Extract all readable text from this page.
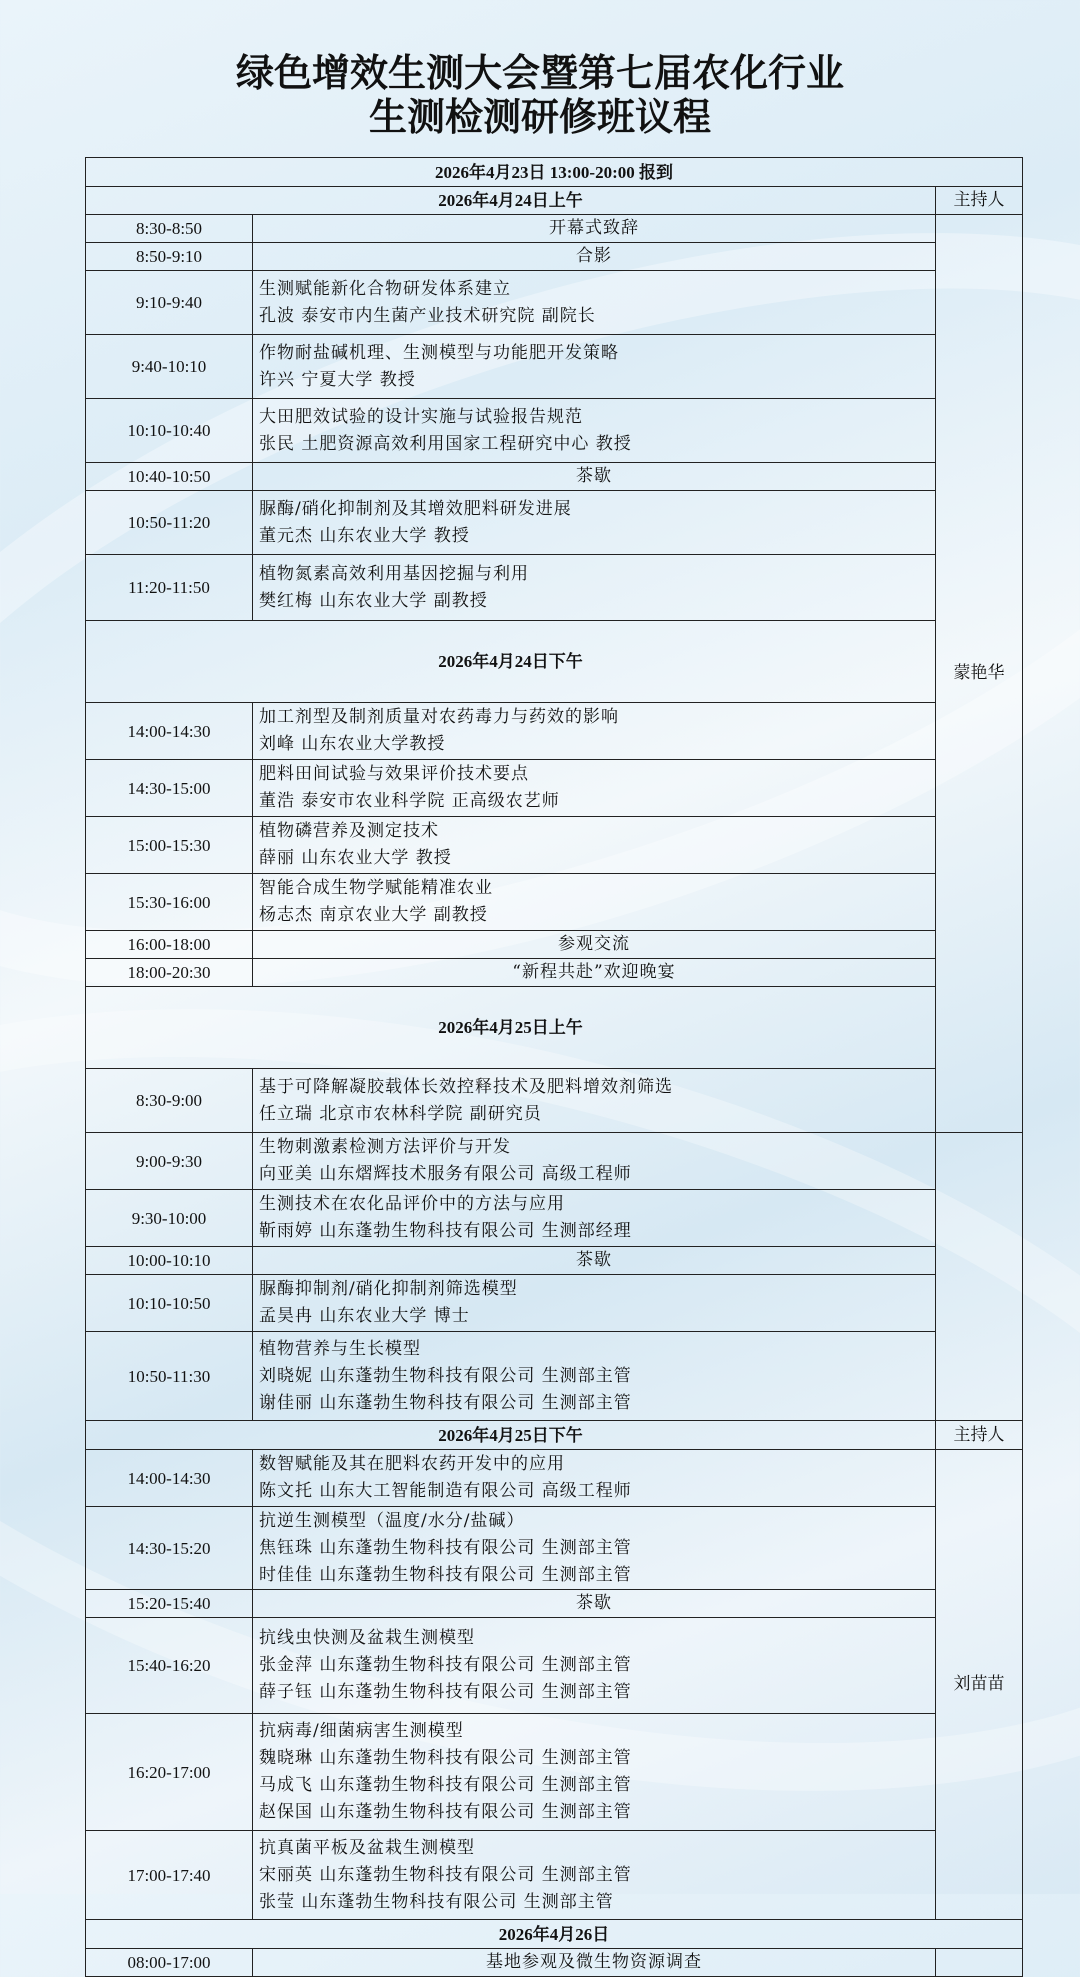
绿色增效生测大会暨第七届农化行业
生测检测研修班议程
2026年4月23日 13:00-20:00 报到			
2026年4月24日上午		主持人	
8:30-8:50	开幕式致辞	蒙艳华	
8:50-9:10	合影		

9:10-9:40	生测赋能新化合物研发体系建立
孔波 泰安市内生菌产业技术研究院 副院长		

9:40-10:10	作物耐盐碱机理、生测模型与功能肥开发策略
许兴 宁夏大学 教授		

10:10-10:40	大田肥效试验的设计实施与试验报告规范
张民 土肥资源高效利用国家工程研究中心 教授		

10:40-10:50	茶歇		

10:50-11:20	脲酶/硝化抑制剂及其增效肥料研发进展
董元杰 山东农业大学 教授		

11:20-11:50	植物氮素高效利用基因挖掘与利用
樊红梅 山东农业大学 副教授		

2026年4月24日下午	
14:00-14:30	加工剂型及制剂质量对农药毒力与药效的影响
刘峰 山东农业大学教授

14:30-15:00	肥料田间试验与效果评价技术要点
董浩 泰安市农业科学院 正高级农艺师		

15:00-15:30	植物磷营养及测定技术
薛丽 山东农业大学 教授		

15:30-16:00	智能合成生物学赋能精准农业
杨志杰 南京农业大学 副教授		

16:00-18:00	参观交流		

18:00-20:30	“新程共赴”欢迎晚宴		

2026年4月25日上午	
8:30-9:00	基于可降解凝胶载体长效控释技术及肥料增效剂筛选
任立瑞 北京市农林科学院 副研究员

9:00-9:30	生物刺激素检测方法评价与开发
向亚美 山东熠辉技术服务有限公司 高级工程师		

9:30-10:00	生测技术在农化品评价中的方法与应用
靳雨婷 山东蓬勃生物科技有限公司 生测部经理		

10:00-10:10	茶歇		

10:10-10:50	脲酶抑制剂/硝化抑制剂筛选模型
孟昊冉 山东农业大学 博士		

10:50-11:30	植物营养与生长模型
刘晓妮 山东蓬勃生物科技有限公司 生测部主管
谢佳丽 山东蓬勃生物科技有限公司 生测部主管		

2026年4月25日下午		主持人	
14:00-14:30	数智赋能及其在肥料农药开发中的应用
陈文托 山东大工智能制造有限公司 高级工程师	刘苗苗	
14:30-15:20	抗逆生测模型（温度/水分/盐碱）
焦钰珠 山东蓬勃生物科技有限公司 生测部主管
时佳佳 山东蓬勃生物科技有限公司 生测部主管		

15:20-15:40	茶歇		

15:40-16:20	抗线虫快测及盆栽生测模型
张金萍 山东蓬勃生物科技有限公司 生测部主管
薛子钰 山东蓬勃生物科技有限公司 生测部主管		

16:20-17:00	抗病毒/细菌病害生测模型
魏晓琳 山东蓬勃生物科技有限公司 生测部主管
马成飞 山东蓬勃生物科技有限公司 生测部主管
赵保国 山东蓬勃生物科技有限公司 生测部主管		

17:00-17:40	抗真菌平板及盆栽生测模型
宋丽英 山东蓬勃生物科技有限公司 生测部主管
张莹 山东蓬勃生物科技有限公司 生测部主管		

2026年4月26日			
08:00-17:00	基地参观及微生物资源调查		
